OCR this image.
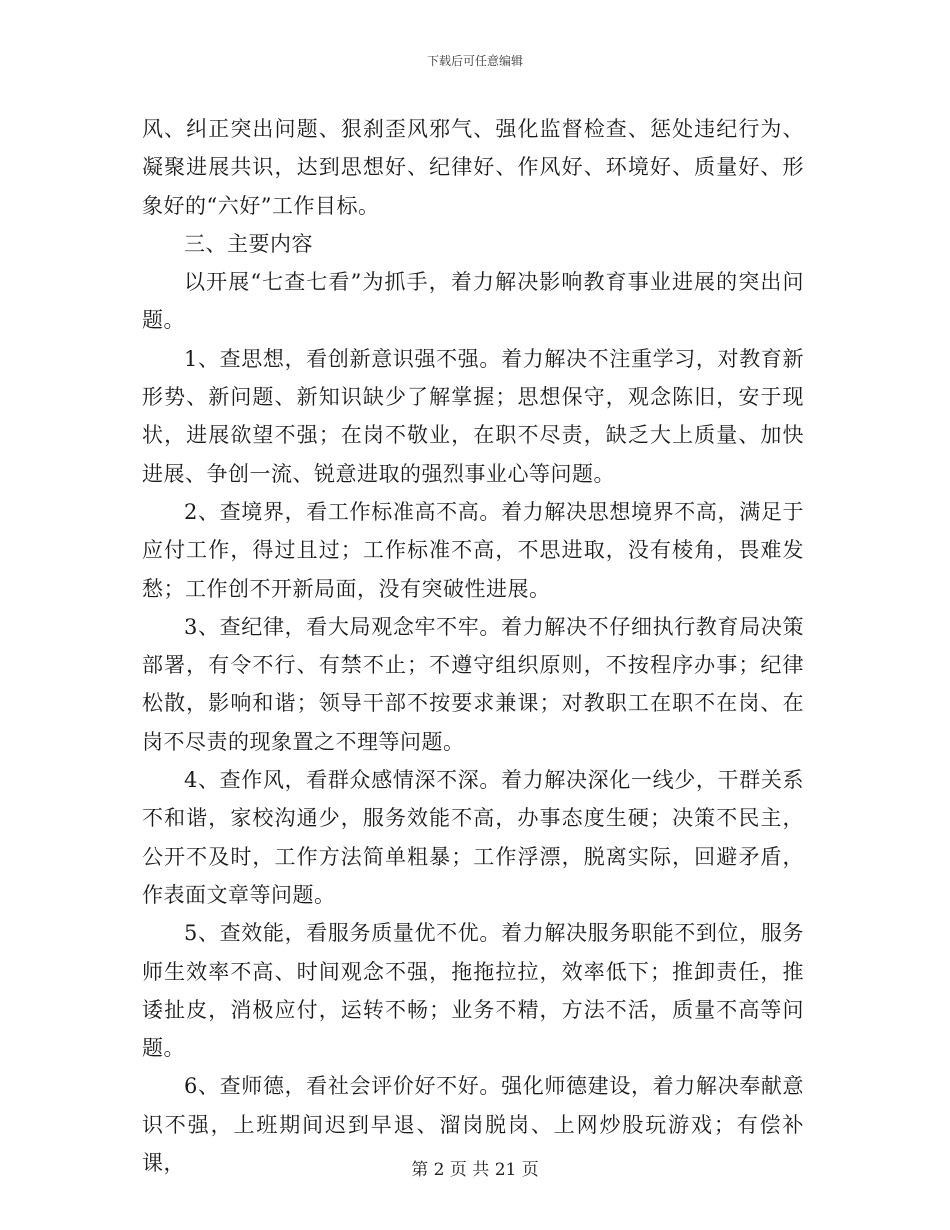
下载后可任意编辑

风、纠正突出问题、狠刹歪风邪气、强化监督检查、惩处违纪行为、凝聚进展共识，达到思想好、纪律好、作风好、环境好、质量好、形象好的“六好”工作目标。

三、主要内容

以开展“七查七看”为抓手，着力解决影响教育事业进展的突出问题。

1、查思想，看创新意识强不强。着力解决不注重学习，对教育新形势、新问题、新知识缺少了解掌握；思想保守，观念陈旧，安于现状，进展欲望不强；在岗不敬业，在职不尽责，缺乏大上质量、加快进展、争创一流、锐意进取的强烈事业心等问题。

2、查境界，看工作标准高不高。着力解决思想境界不高，满足于应付工作，得过且过；工作标准不高，不思进取，没有棱角，畏难发愁；工作创不开新局面，没有突破性进展。

3、查纪律，看大局观念牢不牢。着力解决不仔细执行教育局决策部署，有令不行、有禁不止；不遵守组织原则，不按程序办事；纪律松散，影响和谐；领导干部不按要求兼课；对教职工在职不在岗、在岗不尽责的现象置之不理等问题。

4、查作风，看群众感情深不深。着力解决深化一线少，干群关系不和谐，家校沟通少，服务效能不高，办事态度生硬；决策不民主，公开不及时，工作方法简单粗暴；工作浮漂，脱离实际，回避矛盾，作表面文章等问题。

5、查效能，看服务质量优不优。着力解决服务职能不到位，服务师生效率不高、时间观念不强，拖拖拉拉，效率低下；推卸责任，推诿扯皮，消极应付，运转不畅；业务不精，方法不活，质量不高等问题。

6、查师德，看社会评价好不好。强化师德建设，着力解决奉献意识不强，上班期间迟到早退、溜岗脱岗、上网炒股玩游戏；有偿补课，	第 2 页 共 21 页
